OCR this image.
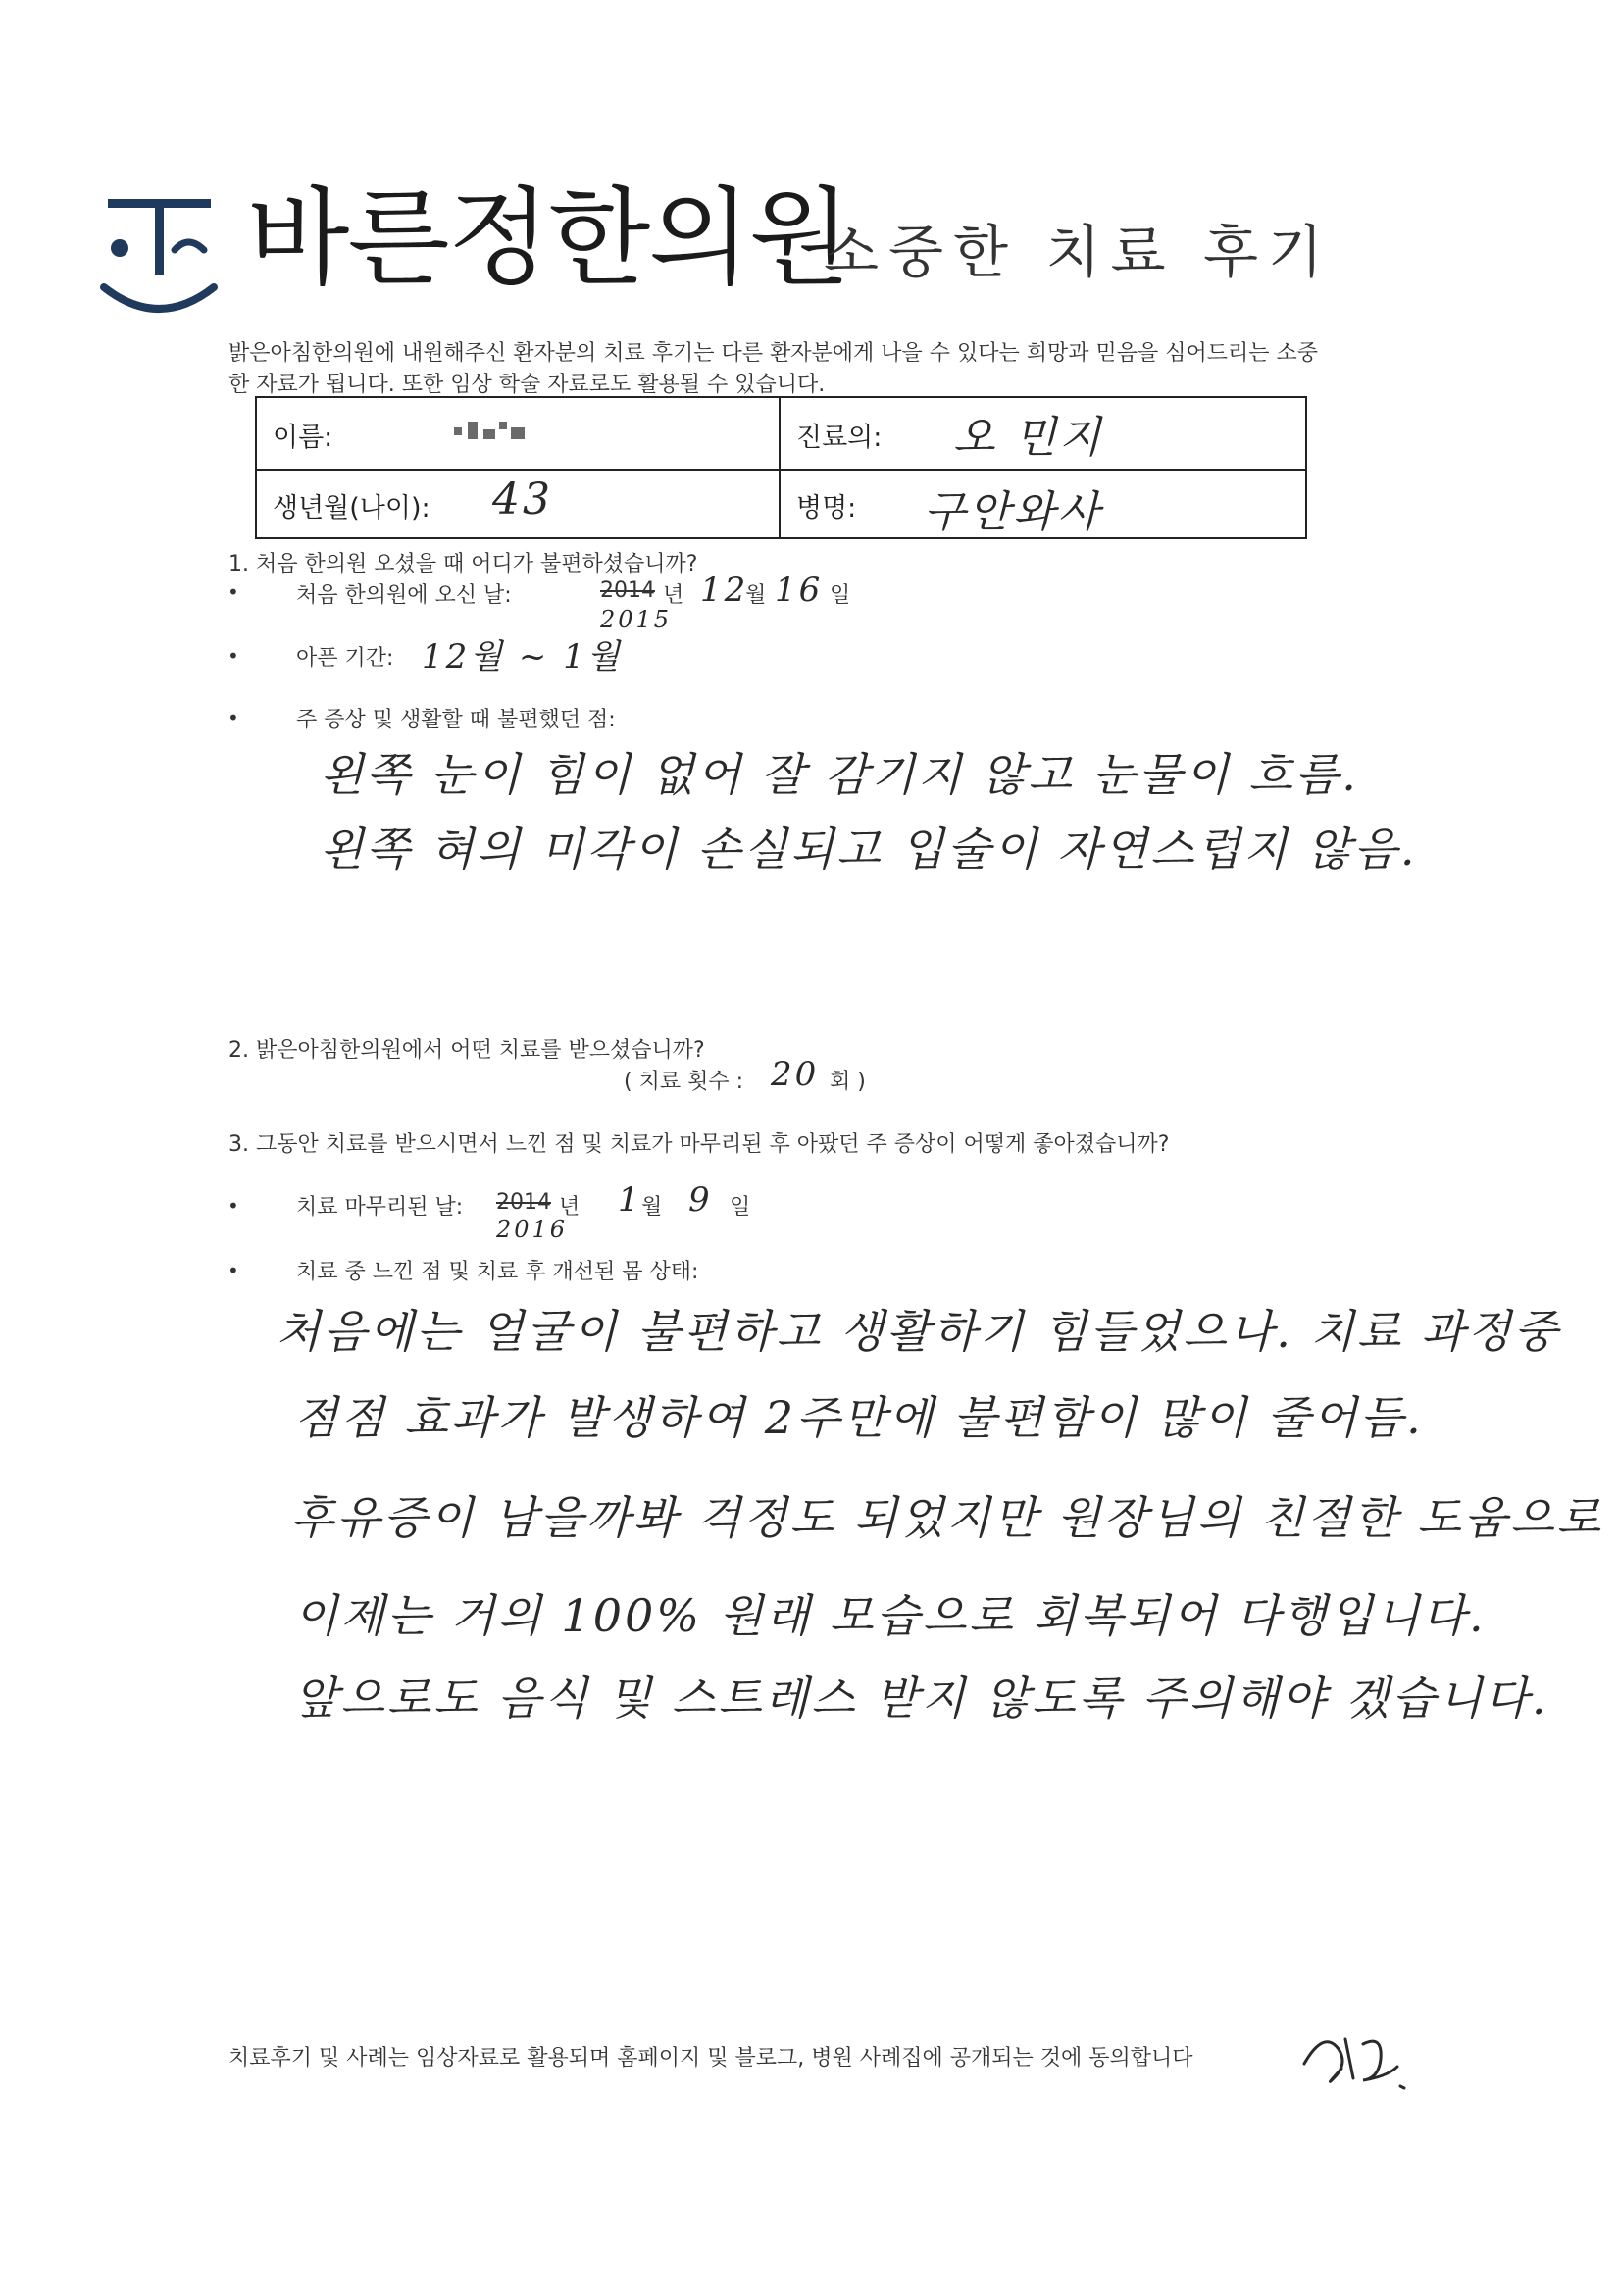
바른정한의원
소중한 치료 후기
밝은아침한의원에 내원해주신 환자분의 치료 후기는 다른 환자분에게 나을 수 있다는 희망과 믿음을 심어드리는 소중한 자료가 됩니다. 또한 임상 학술 자료로도 활용될 수 있습니다.
이름:	진료의: 오 민지
생년월(나이): 43	병명: 구안와사
1. 처음 한의원 오셨을 때 어디가 불편하셨습니까?
•	처음 한의원에 오신 날:	2014
2015
년 12
월 16 일
•	아픈 기간: 12월 ~ 1월
•	주 증상 및 생활할 때 불편했던 점:
왼쪽 눈이 힘이 없어 잘 감기지 않고 눈물이 흐름.
왼쪽 혀의 미각이 손실되고 입술이 자연스럽지 않음.
2. 밝은아침한의원에서 어떤 치료를 받으셨습니까?
( 치료 횟수 : 20 회 )
3. 그동안 치료를 받으시면서 느낀 점 및 치료가 마무리된 후 아팠던 주 증상이 어떻게 좋아졌습니까?
•	치료 마무리된 날: 2014
2016
년 1 월 9 일
•	치료 중 느낀 점 및 치료 후 개선된 몸 상태:
처음에는 얼굴이 불편하고 생활하기 힘들었으나. 치료 과정중
점점 효과가 발생하여 2주만에 불편함이 많이 줄어듬.
후유증이 남을까봐 걱정도 되었지만 원장님의 친절한 도움으로
이제는 거의 100% 원래 모습으로 회복되어 다행입니다.
앞으로도 음식 및 스트레스 받지 않도록 주의해야 겠습니다.
치료후기 및 사례는 임상자료로 활용되며 홈페이지 및 블로그, 병원 사례집에 공개되는 것에 동의합니다
